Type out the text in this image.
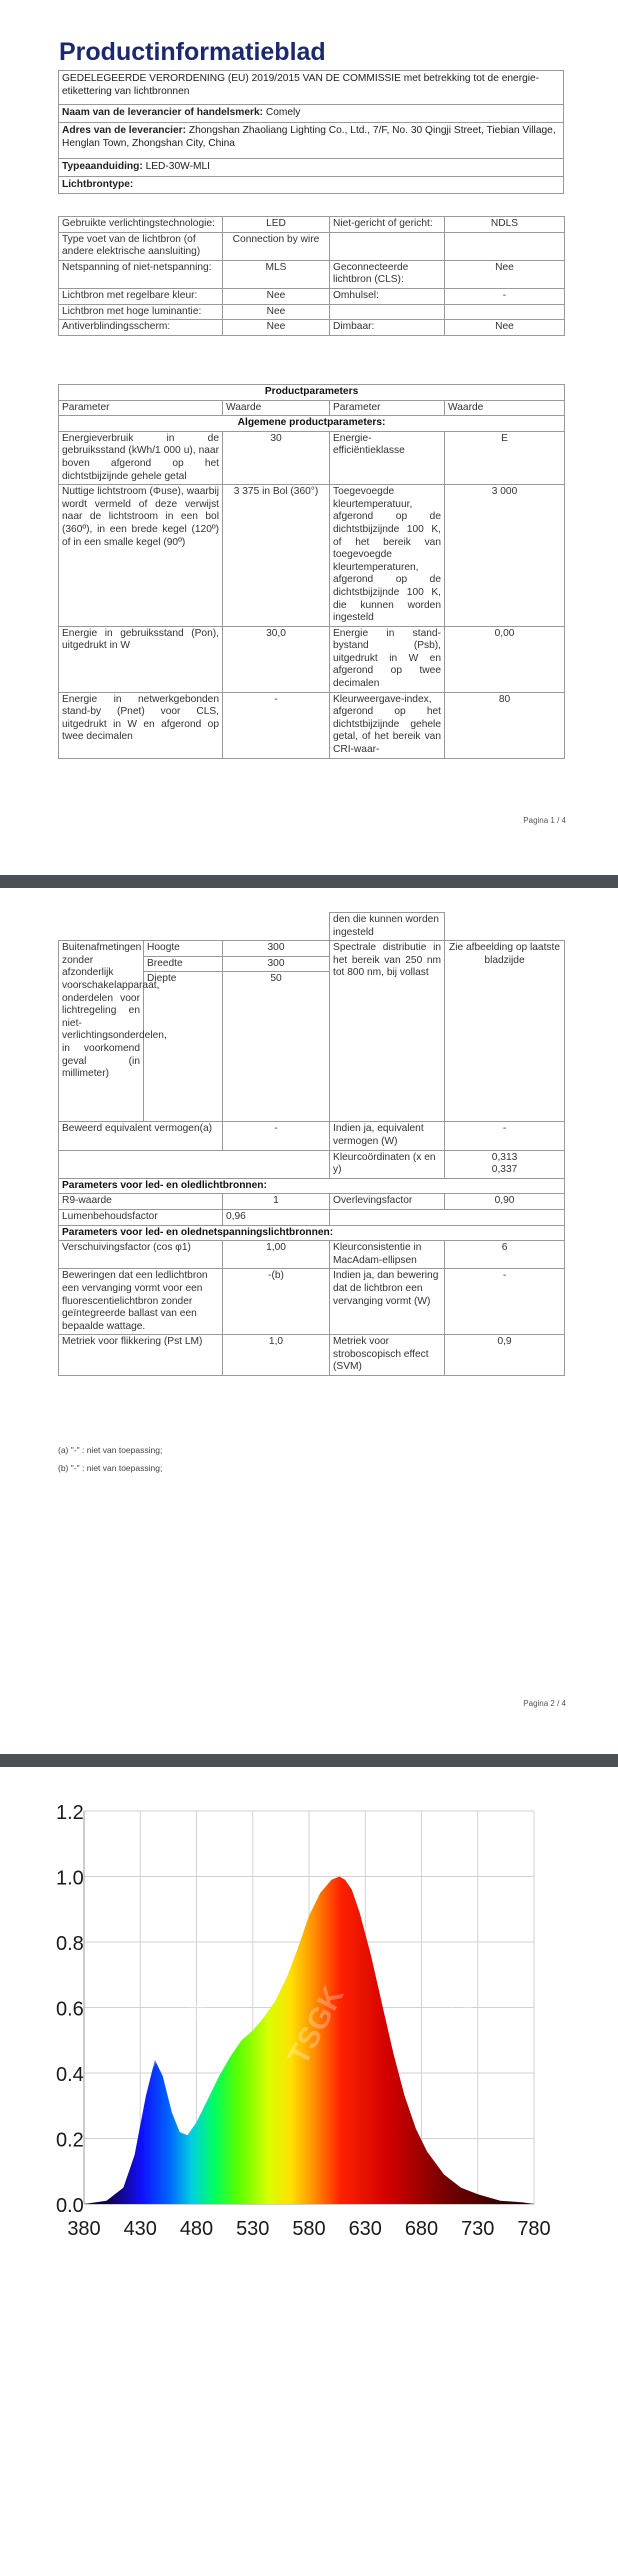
Productinformatieblad
GEDELEGEERDE VERORDENING (EU) 2019/2015 VAN DE COMMISSIE met betrekking tot de energie-etikettering van lichtbronnen
Naam van de leverancier of handelsmerk: Comely
Adres van de leverancier: Zhongshan Zhaoliang Lighting Co., Ltd., 7/F, No. 30 Qingji Street, Tiebian Village, Henglan Town, Zhongshan City, China
Typeaanduiding: LED-30W-MLI
Lichtbrontype:
Gebruikte verlichtingstechnologie:	LED	Niet-gericht of gericht:	NDLS
Type voet van de lichtbron (of andere elektrische aansluiting)	Connection by wire		
Netspanning of niet-netspanning:	MLS	Geconnecteerde lichtbron (CLS):	Nee
Lichtbron met regelbare kleur:	Nee	Omhulsel:	-
Lichtbron met hoge luminantie:	Nee		
Antiverblindingsscherm:	Nee	Dimbaar:	Nee
Productparameters			
Parameter	Waarde	Parameter	Waarde
Algemene productparameters:			
Energieverbruik in de gebruiksstand (kWh/1 000 u), naar boven afgerond op het dichtstbijzijnde gehele getal	30	Energie-efficiëntieklasse	E
Nuttige lichtstroom (Φuse), waarbij wordt vermeld of deze verwijst naar de lichtstroom in een bol (360º), in een brede kegel (120º) of in een smalle kegel (90º)	3 375 in Bol (360°)	Toegevoegde kleurtemperatuur, afgerond op de dichtstbijzijnde 100 K, of het bereik van toegevoegde kleurtemperaturen, afgerond op de dichtstbijzijnde 100 K, die kunnen worden ingesteld	3 000
Energie in gebruiksstand (Pon), uitgedrukt in W	30,0	Energie in stand-bystand (Psb), uitgedrukt in W en afgerond op twee decimalen	0,00
Energie in netwerkgebonden stand-by (Pnet) voor CLS, uitgedrukt in W en afgerond op twee decimalen	-	Kleurweergave-index, afgerond op het dichtstbijzijnde gehele getal, of het bereik van CRI-waar-	80
Pagina 1 / 4
			den die kunnen worden ingesteld	
Buitenafmetingen zonder afzonderlijk voorschakelapparaat, onderdelen voor lichtregeling en niet-verlichtingsonderdelen, in voorkomend geval (in millimeter)	Hoogte	300	Spectrale distributie in het bereik van 250 nm tot 800 nm, bij vollast	Zie afbeelding op laatste bladzijde
	Breedte	300		
	Diepte	50		
Beweerd equivalent vermogen(a)		-	Indien ja, equivalent vermogen (W)	-
			Kleurcoördinaten (x en y)	0,313
0,337

Parameters voor led- en oledlichtbronnen:				
R9-waarde		1	Overlevingsfactor	0,90
Lumenbehoudsfactor		0,96		
Parameters voor led- en olednetspanningslichtbronnen:				
Verschuivingsfactor (cos φ1)		1,00	Kleurconsistentie in MacAdam-ellipsen	6
Beweringen dat een ledlichtbron een vervanging vormt voor een fluorescentielichtbron zonder geïntegreerde ballast van een bepaalde wattage.		-(b)	Indien ja, dan bewering dat de lichtbron een vervanging vormt (W)	-
Metriek voor flikkering (Pst LM)		1,0	Metriek voor stroboscopisch effect (SVM)	0,9
(a) "-" : niet van toepassing;
(b) "-" : niet van toepassing;
Pagina 2 / 4
TSGK TSGK TSGK
0.0
0.2
0.4
0.6
0.8
1.0
1.2
380 430 480 530 580 630 680 730 780
